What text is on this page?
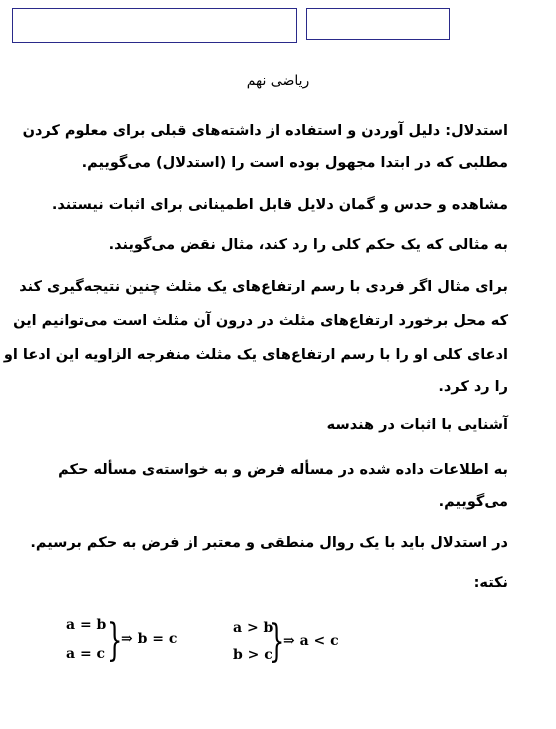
ریاضی نهم
استدلال: دلیل آوردن و استفاده از داشته‌های قبلی برای معلوم کردن
مطلبی که در ابتدا مجهول بوده است را (استدلال) می‌گوییم.
مشاهده و حدس و گمان دلایل قابل اطمینانی برای اثبات نیستند.
به مثالی که یک حکم کلی را رد کند، مثال نقض می‌گویند.
برای مثال اگر فردی با رسم ارتفاع‌های یک مثلث چنین نتیجه‌گیری کند
که محل برخورد ارتفاع‌های مثلث در درون آن مثلث است می‌توانیم این
ادعای کلی او را با رسم ارتفاع‌های یک مثلث منفرجه الزاویه این ادعا او
را رد کرد.
آشنایی با اثبات در هندسه
به اطلاعات داده شده در مسأله فرض و به خواسته‌ی مسأله حکم
می‌گوییم.
در استدلال باید با یک روال منطقی و معتبر از فرض به حکم برسیم.
نکته:
a = b
a = c }
⇒ b = c
a > b
b > c
}
⇒ a < c
